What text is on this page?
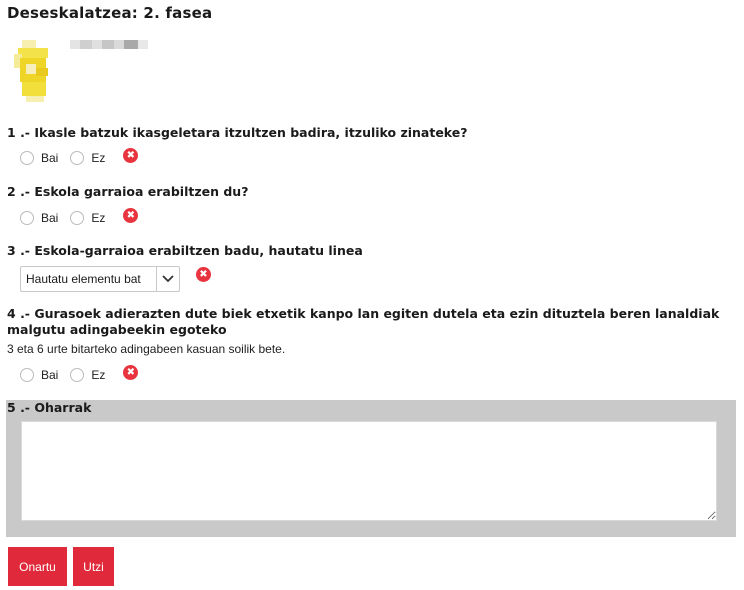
Deseskalatzea: 2. fasea
1 .- Ikasle batzuk ikasgeletara itzultzen badira, itzuliko zinateke?
Bai	Ez	✖
2 .- Eskola garraioa erabiltzen du?
Bai	Ez	✖
3 .- Eskola-garraioa erabiltzen badu, hautatu linea
Hautatu elementu bat	✖
4 .- Gurasoek adierazten dute biek etxetik kanpo lan egiten dutela eta ezin dituztela beren lanaldiak malgutu adingabeekin egoteko
3 eta 6 urte bitarteko adingabeen kasuan soilik bete.
Bai	Ez	✖
5 .- Oharrak
Onartu	Utzi
